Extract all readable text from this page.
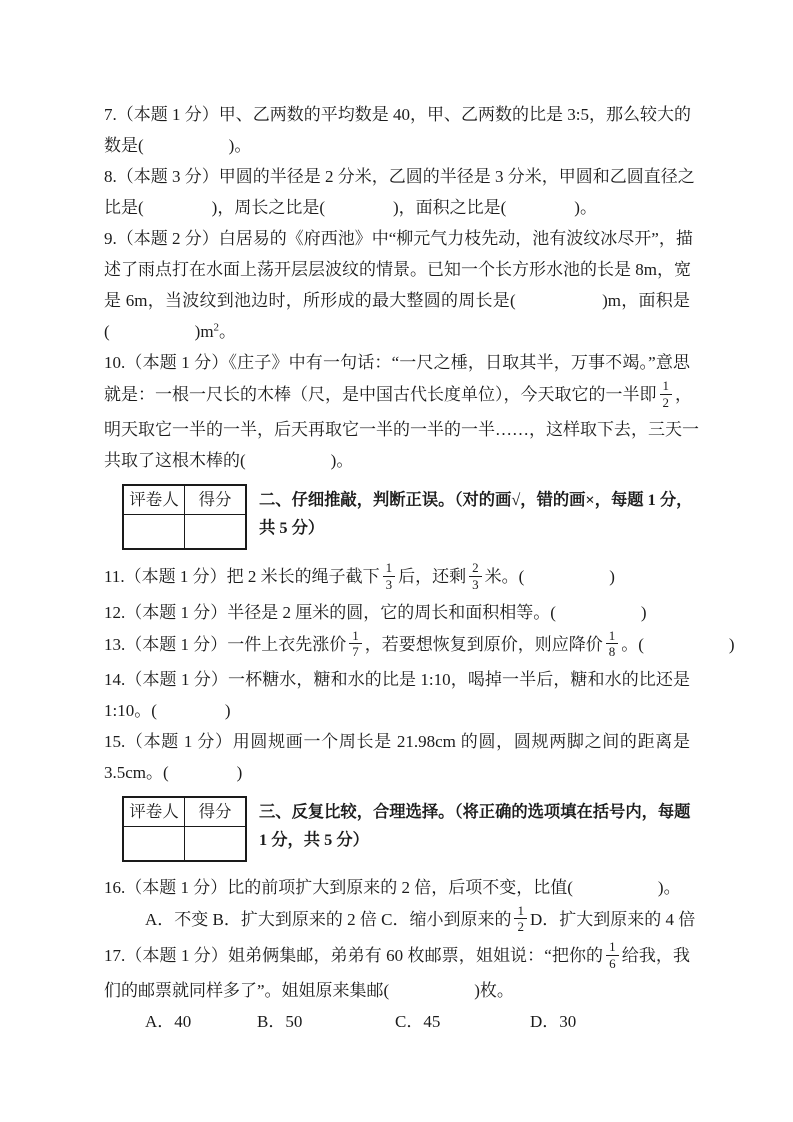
7.（本题 1 分）甲、乙两数的平均数是 40，甲、乙两数的比是 3:5，那么较大的
数是(　　　　　)。
8.（本题 3 分）甲圆的半径是 2 分米，乙圆的半径是 3 分米，甲圆和乙圆直径之
比是(　　　　)，周长之比是(　　　　)，面积之比是(　　　　)。
9.（本题 2 分）白居易的《府西池》中“柳元气力枝先动，池有波纹冰尽开”，描
述了雨点打在水面上荡开层层波纹的情景。已知一个长方形水池的长是 8m，宽
是 6m，当波纹到池边时，所形成的最大整圆的周长是(　　　　　)m，面积是
(　　　　　)$m^2$。
10.（本题 1 分）《庄子》中有一句话：“一尺之棰，日取其半，万事不竭。”意思
就是：一根一尺长的木棒（尺，是中国古代长度单位），今天取它的一半即 $\frac{1}{2}$ ，
明天取它一半的一半，后天再取它一半的一半的一半……，这样取下去，三天一
共取了这根木棒的(　　　　　)。
评卷人	得分
	二、仔细推敲，判断正误。（对的画√，错的画×，每题 1 分，
共 5 分）
11.（本题 1 分）把 2 米长的绳子截下 $\frac{1}{3}$ 后，还剩 $\frac{2}{3}$ 米。(　　　　　)
12.（本题 1 分）半径是 2 厘米的圆，它的周长和面积相等。(　　　　　)
13.（本题 1 分）一件上衣先涨价 $\frac{1}{7}$ ，若要想恢复到原价，则应降价 $\frac{1}{8}$ 。(　　　　　)
14.（本题 1 分）一杯糖水，糖和水的比是 1:10，喝掉一半后，糖和水的比还是
1:10。(　　　　)
15.（本题 1 分）用圆规画一个周长是 21.98cm 的圆，圆规两脚之间的距离是
3.5cm。(　　　　)
评卷人	得分
	三、反复比较，合理选择。（将正确的选项填在括号内，每题
1 分，共 5 分）
16.（本题 1 分）比的前项扩大到原来的 2 倍，后项不变，比值(　　　　　)。
A．不变 B．扩大到原来的 2 倍 C．缩小到原来的 $\frac{1}{2}$ D．扩大到原来的 4 倍
17.（本题 1 分）姐弟俩集邮，弟弟有 60 枚邮票，姐姐说：“把你的 $\frac{1}{6}$ 给我，我
们的邮票就同样多了”。姐姐原来集邮(　　　　　)枚。
A．40	B．50	C．45	D．30
